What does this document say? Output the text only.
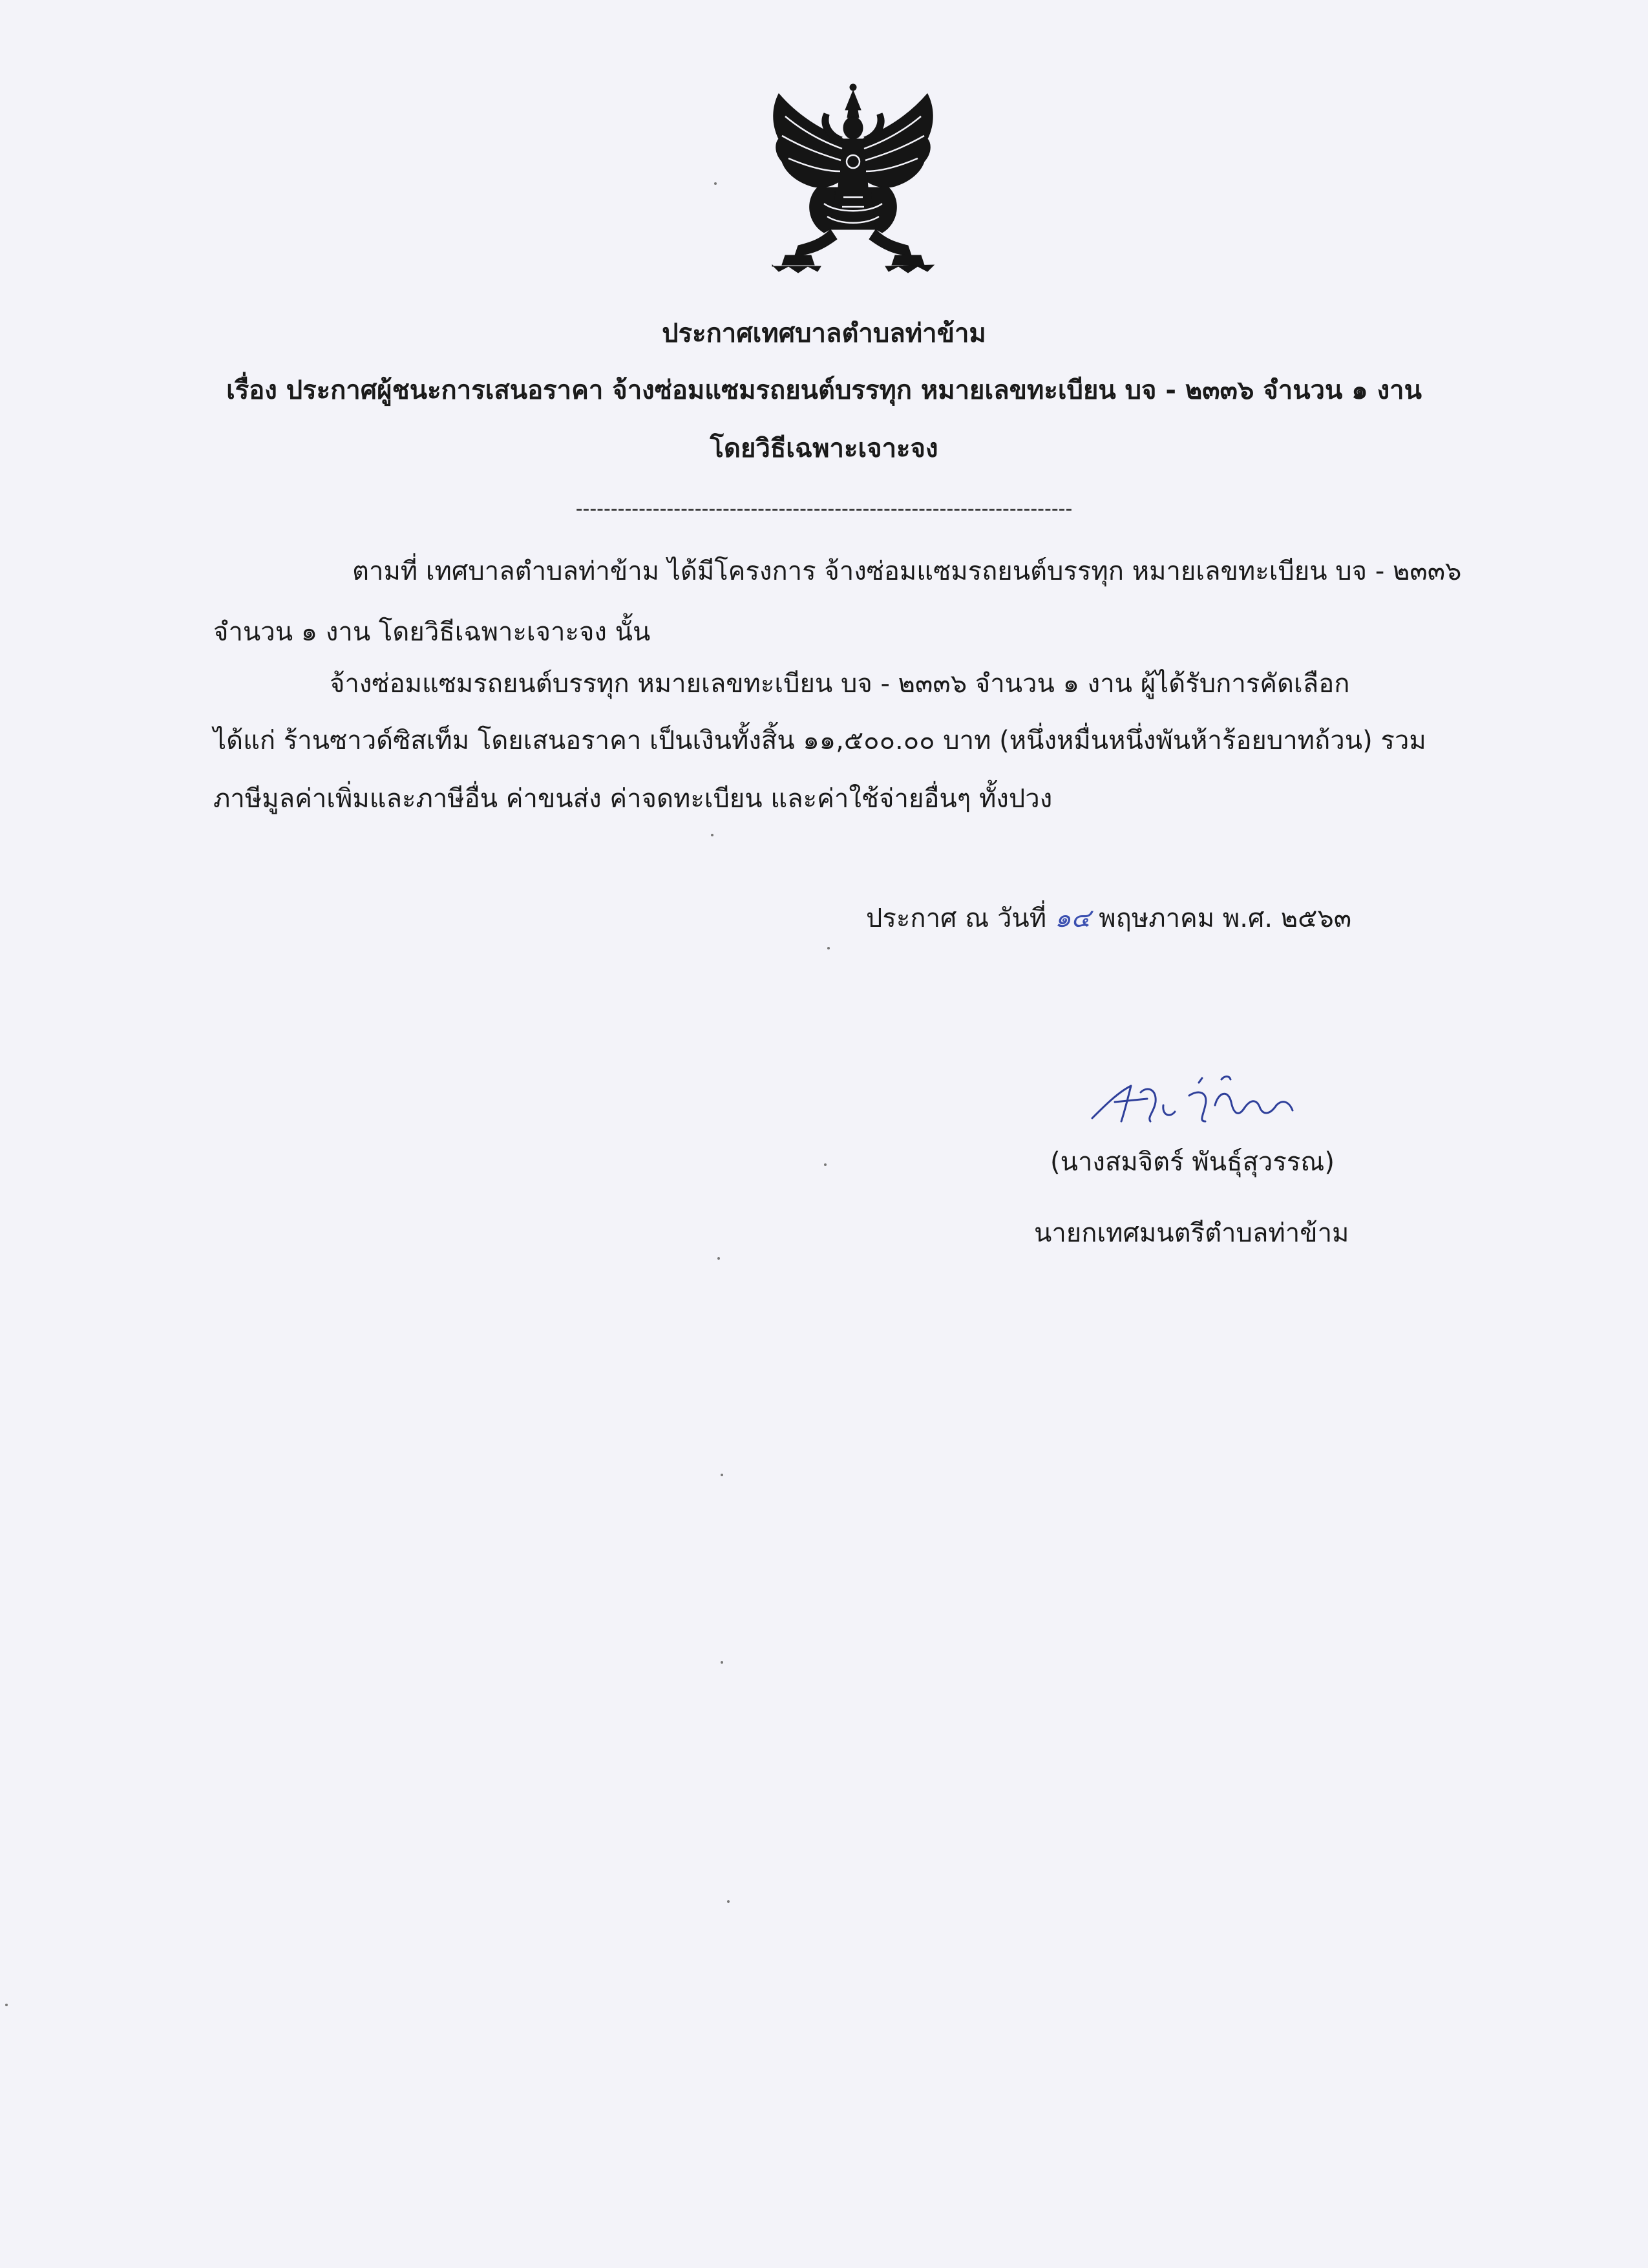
ประกาศเทศบาลตำบลท่าข้าม
เรื่อง ประกาศผู้ชนะการเสนอราคา จ้างซ่อมแซมรถยนต์บรรทุก หมายเลขทะเบียน บจ - ๒๓๓๖ จำนวน ๑ งาน
โดยวิธีเฉพาะเจาะจง
-----------------------------------------------------------------------
ตามที่ เทศบาลตำบลท่าข้าม ได้มีโครงการ จ้างซ่อมแซมรถยนต์บรรทุก หมายเลขทะเบียน บจ - ๒๓๓๖
จำนวน ๑ งาน โดยวิธีเฉพาะเจาะจง นั้น
จ้างซ่อมแซมรถยนต์บรรทุก หมายเลขทะเบียน บจ - ๒๓๓๖ จำนวน ๑ งาน ผู้ได้รับการคัดเลือก
ได้แก่ ร้านซาวด์ซิสเท็ม โดยเสนอราคา เป็นเงินทั้งสิ้น ๑๑,๕๐๐.๐๐ บาท (หนึ่งหมื่นหนึ่งพันห้าร้อยบาทถ้วน) รวม
ภาษีมูลค่าเพิ่มและภาษีอื่น ค่าขนส่ง ค่าจดทะเบียน และค่าใช้จ่ายอื่นๆ ทั้งปวง
ประกาศ ณ วันที่ ๑๔ พฤษภาคม พ.ศ. ๒๕๖๓
(นางสมจิตร์ พันธุ์สุวรรณ)
นายกเทศมนตรีตำบลท่าข้าม
